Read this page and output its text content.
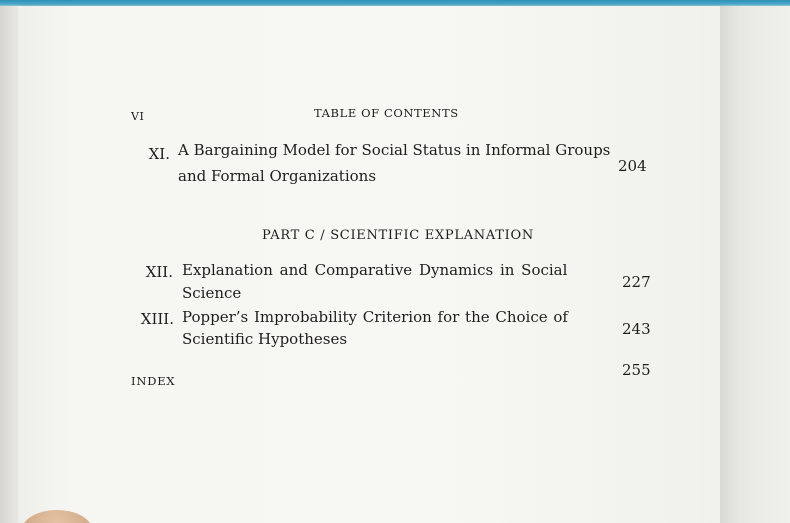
VI	TABLE OF CONTENTS
XI. A Bargaining Model for Social Status in Informal Groups
and Formal Organizations
204
PART C / SCIENTIFIC EXPLANATION
XII. Explanation and Comparative Dynamics in Social
Science
227
XIII. Popper’s Improbability Criterion for the Choice of
Scientific Hypotheses
243
INDEX
255
